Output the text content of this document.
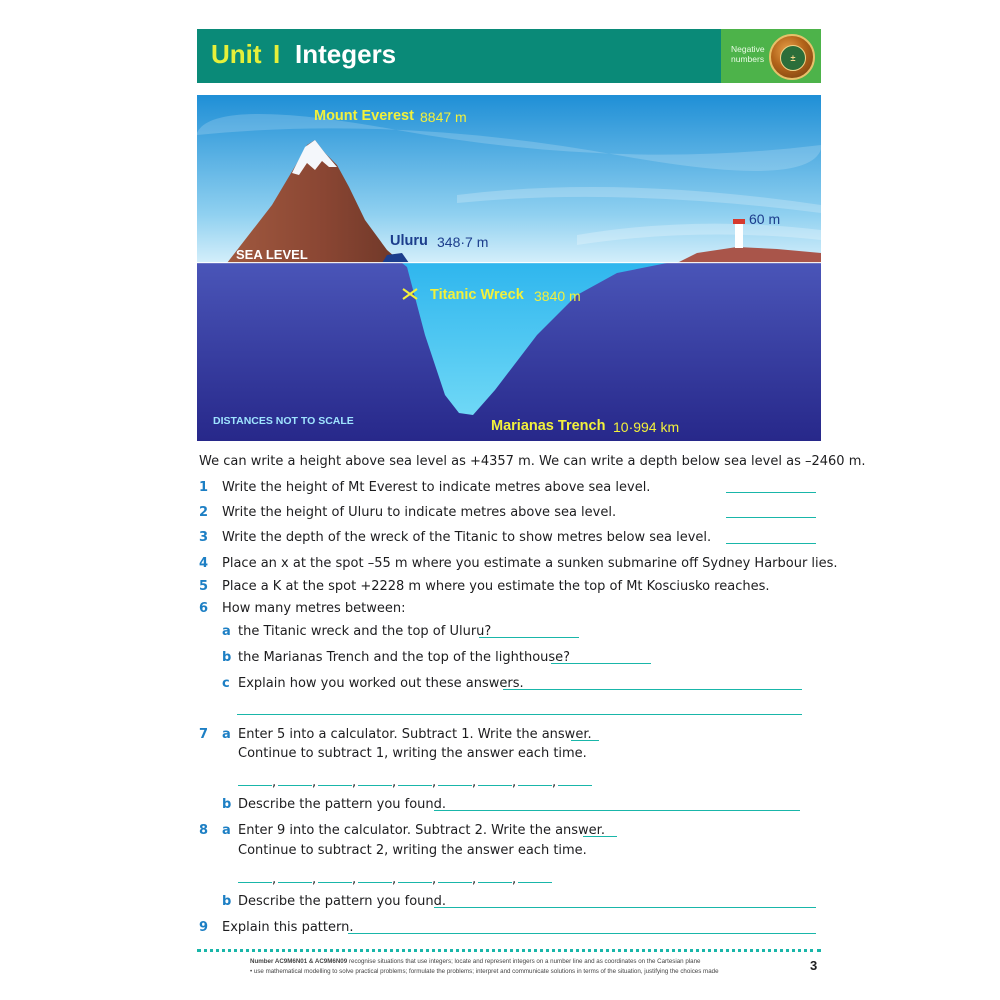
Unit I Integers	Negative
numbers	±
Mount Everest 8847 m
SEA LEVEL
Uluru 348·7 m
60 m
Titanic Wreck 3840 m
DISTANCES NOT TO SCALE	Marianas Trench 10·994 km
We can write a height above sea level as +4357 m. We can write a depth below sea level as –2460 m.
1 Write the height of Mt Everest to indicate metres above sea level.
2 Write the height of Uluru to indicate metres above sea level.
3 Write the depth of the wreck of the Titanic to show metres below sea level.
4 Place an x at the spot –55 m where you estimate a sunken submarine off Sydney Harbour lies.
5 Place a K at the spot +2228 m where you estimate the top of Mt Kosciusko reaches.
6 How many metres between:
a the Titanic wreck and the top of Uluru?
b the Marianas Trench and the top of the lighthouse?
c Explain how you worked out these answers.
7 a Enter 5 into a calculator. Subtract 1. Write the answer.
Continue to subtract 1, writing the answer each time.
,	,	,	,	,	,	,	,
b Describe the pattern you found.
8 a Enter 9 into the calculator. Subtract 2. Write the answer.
Continue to subtract 2, writing the answer each time.
,	,	,	,	,	,	,
b Describe the pattern you found.
9 Explain this pattern.
Number AC9M6N01 & AC9M6N09 recognise situations that use integers; locate and represent integers on a number line and as coordinates on the Cartesian plane
• use mathematical modelling to solve practical problems; formulate the problems; interpret and communicate solutions in terms of the situation, justifying the choices made	3
